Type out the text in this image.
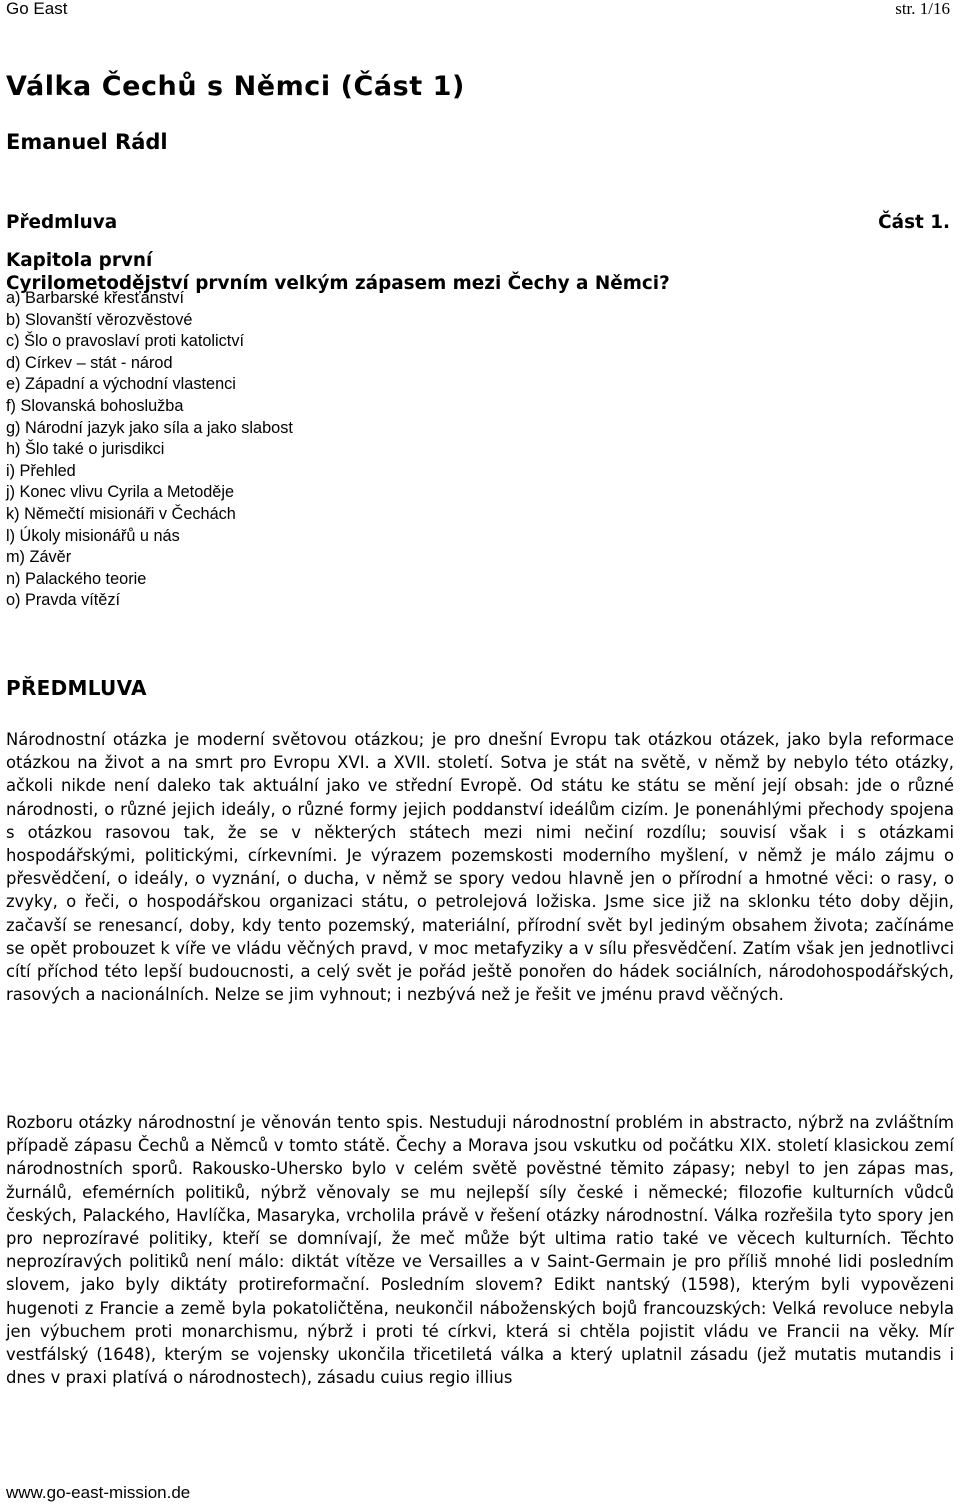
Go East	str. 1/16
Válka Čechů s Němci (Část 1)
Emanuel Rádl
Předmluva	Část 1.
Kapitola první
Cyrilometodějství prvním velkým zápasem mezi Čechy a Němci?
a) Barbarské křesťanství
b) Slovanští věrozvěstové
c) Šlo o pravoslaví proti katolictví
d) Církev – stát - národ
e) Západní a východní vlastenci
f) Slovanská bohoslužba
g) Národní jazyk jako síla a jako slabost
h) Šlo také o jurisdikci
i) Přehled
j) Konec vlivu Cyrila a Metoděje
k) Němečtí misionáři v Čechách
l) Úkoly misionářů u nás
m) Závěr
n) Palackého teorie
o) Pravda vítězí
PŘEDMLUVA

Národnostní otázka je moderní světovou otázkou; je pro dnešní Evropu tak otázkou otázek, jako byla reformace otázkou na život a na smrt pro Evropu XVI. a XVII. století. Sotva je stát na světě, v němž by nebylo této otázky, ačkoli nikde není daleko tak aktuální jako ve střední Evropě. Od státu ke státu se mění její obsah: jde o různé národnosti, o různé jejich ideály, o různé formy jejich poddanství ideálům cizím. Je ponenáhlými přechody spojena s otázkou rasovou tak, že se v některých státech mezi nimi nečiní rozdílu; souvisí však i s otázkami hospodářskými, politickými, církevními. Je výrazem pozemskosti moderního myšlení, v němž je málo zájmu o přesvědčení, o ideály, o vyznání, o ducha, v němž se spory vedou hlavně jen o přírodní a hmotné věci: o rasy, o zvyky, o řeči, o hospodářskou organizaci státu, o petrolejová ložiska. Jsme sice již na sklonku této doby dějin, začavší se renesancí, doby, kdy tento pozemský, materiální, přírodní svět byl jediným obsahem života; začínáme se opět probouzet k víře ve vládu věčných pravd, v moc metafyziky a v sílu přesvědčení. Zatím však jen jednotlivci cítí příchod této lepší budoucnosti, a celý svět je pořád ještě ponořen do hádek sociálních, národohospodářských, rasových a nacionálních. Nelze se jim vyhnout; i nezbývá než je řešit ve jménu pravd věčných.

Rozboru otázky národnostní je věnován tento spis. Nestuduji národnostní problém in abstracto, nýbrž na zvláštním případě zápasu Čechů a Němců v tomto státě. Čechy a Morava jsou vskutku od počátku XIX. století klasickou zemí národnostních sporů. Rakousko-Uhersko bylo v celém světě pověstné těmito zápasy; nebyl to jen zápas mas, žurnálů, efemérních politiků, nýbrž věnovaly se mu nejlepší síly české i německé; filozofie kulturních vůdců českých, Palackého, Havlíčka, Masaryka, vrcholila právě v řešení otázky národnostní. Válka rozřešila tyto spory jen pro neprozíravé politiky, kteří se domnívají, že meč může být ultima ratio také ve věcech kulturních. Těchto neprozíravých politiků není málo: diktát vítěze ve Versailles a v Saint-Germain je pro příliš mnohé lidi posledním slovem, jako byly diktáty protireformační. Posledním slovem? Edikt nantský (1598), kterým byli vypovězeni hugenoti z Francie a země byla pokatoličtěna, neukončil náboženských bojů francouzských: Velká revoluce nebyla jen výbuchem proti monarchismu, nýbrž i proti té církvi, která si chtěla pojistit vládu ve Francii na věky. Mír vestfálský (1648), kterým se vojensky ukončila třicetiletá válka a který uplatnil zásadu (jež mutatis mutandis i dnes v praxi platívá o národnostech), zásadu cuius regio illius

www.go-east-mission.de
